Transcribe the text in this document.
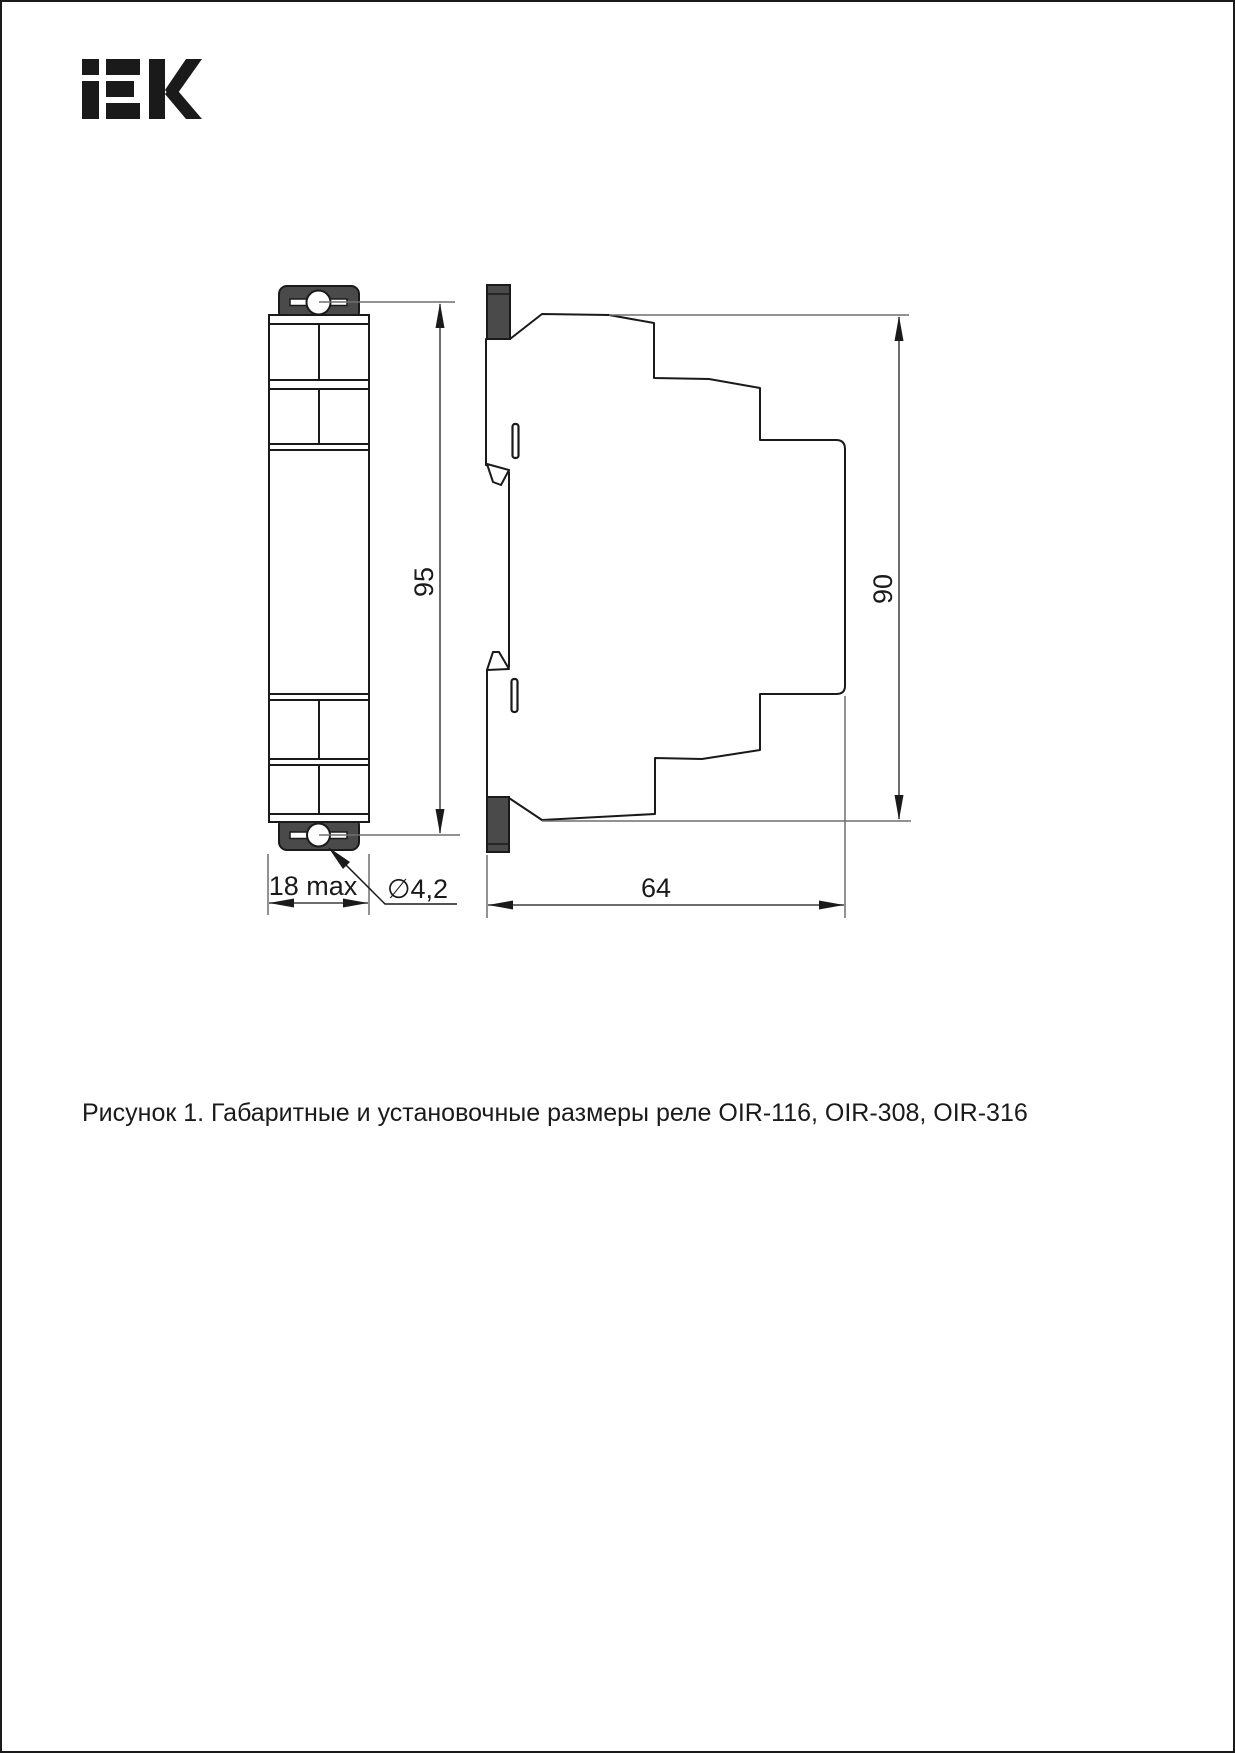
95	90
18 max	64
∅4,2
Рисунок 1. Габаритные и установочные размеры реле OIR-116, OIR-308, OIR-316
